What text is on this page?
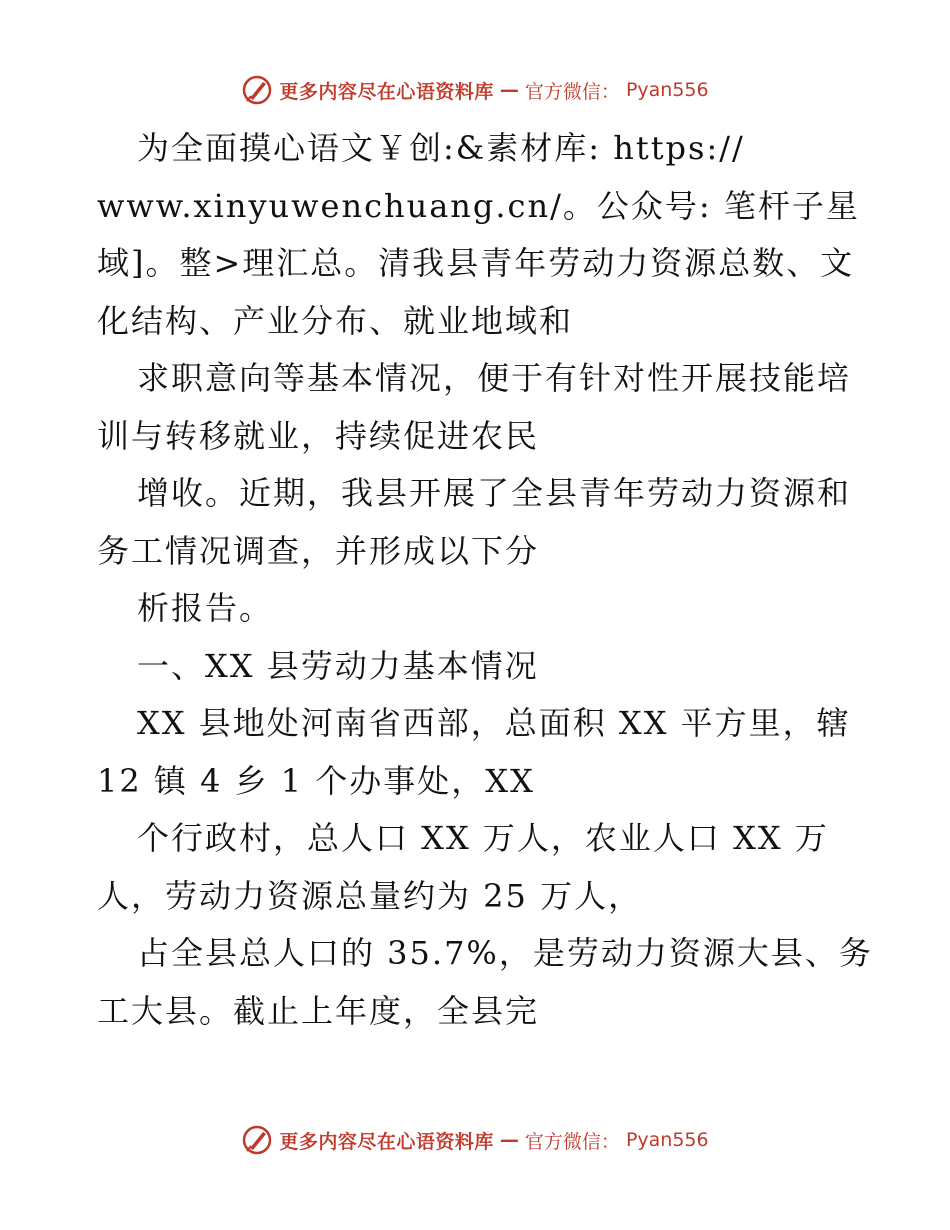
更多内容尽在心语资料库 — 官方微信： Pyan556
为全面摸心语文￥创:&素材库: https://
www.xinyuwenchuang.cn/。公众号: 笔杆子星
域]。整>理汇总。清我县青年劳动力资源总数、文
化结构、产业分布、就业地域和
求职意向等基本情况，便于有针对性开展技能培
训与转移就业，持续促进农民
增收。近期，我县开展了全县青年劳动力资源和
务工情况调查，并形成以下分
析报告。
一、XX 县劳动力基本情况
XX 县地处河南省西部，总面积 XX 平方里，辖
12 镇 4 乡 1 个办事处，XX
个行政村，总人口 XX 万人，农业人口 XX 万
人，劳动力资源总量约为 25 万人，
占全县总人口的 35.7%，是劳动力资源大县、务
工大县。截止上年度，全县完
更多内容尽在心语资料库 — 官方微信： Pyan556
